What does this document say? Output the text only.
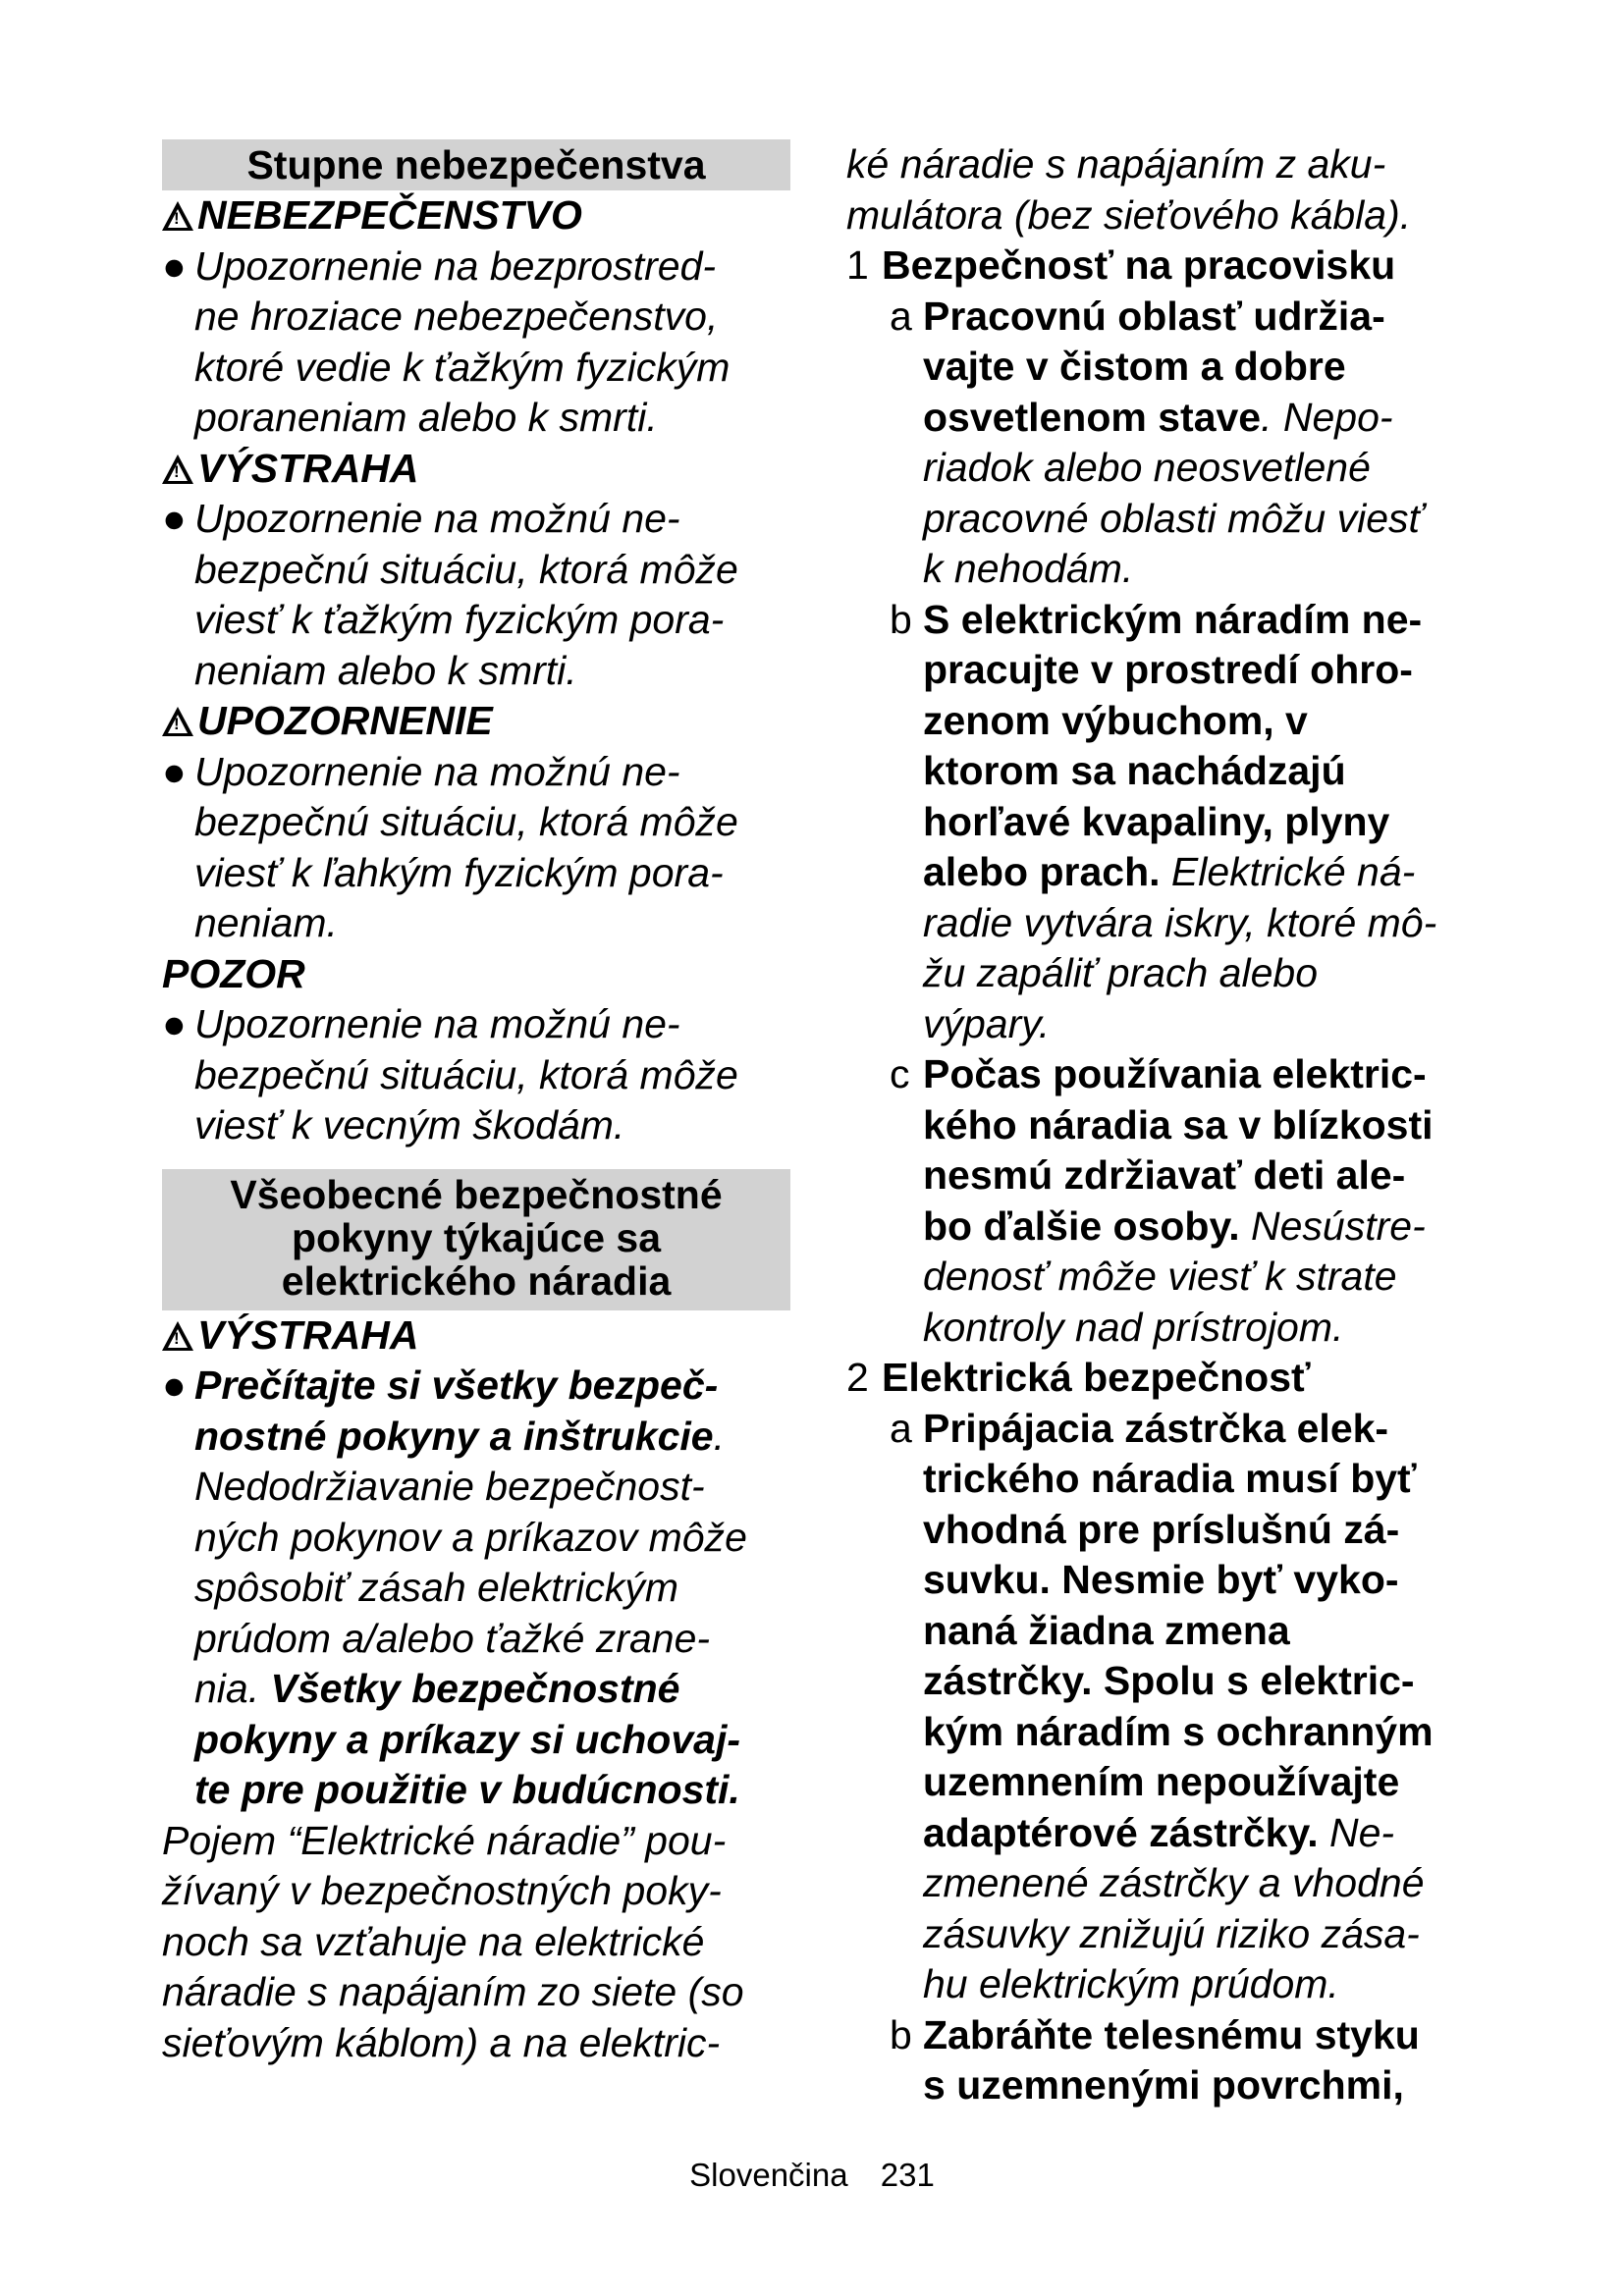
Stupne nebezpečenstva
!NEBEZPEČENSTVO
● Upozornenie na bezprostred-
ne hroziace nebezpečenstvo,
ktoré vedie k ťažkým fyzickým
poraneniam alebo k smrti.
!VÝSTRAHA
● Upozornenie na možnú ne-
bezpečnú situáciu, ktorá môže
viesť k ťažkým fyzickým pora-
neniam alebo k smrti.
!UPOZORNENIE
● Upozornenie na možnú ne-
bezpečnú situáciu, ktorá môže
viesť k ľahkým fyzickým pora-
neniam.
POZOR
● Upozornenie na možnú ne-
bezpečnú situáciu, ktorá môže
viesť k vecným škodám.
Všeobecné bezpečnostné
pokyny týkajúce sa
elektrického náradia
!VÝSTRAHA
● Prečítajte si všetky bezpeč-
nostné pokyny a inštrukcie.
Nedodržiavanie bezpečnost-
ných pokynov a príkazov môže
spôsobiť zásah elektrickým
prúdom a/alebo ťažké zrane-
nia. Všetky bezpečnostné
pokyny a príkazy si uchovaj-
te pre použitie v budúcnosti.
Pojem “Elektrické náradie” pou-
žívaný v bezpečnostných poky-
noch sa vzťahuje na elektrické
náradie s napájaním zo siete (so
sieťovým káblom) a na elektric-
ké náradie s napájaním z aku-
mulátora (bez sieťového kábla).
1 Bezpečnosť na pracovisku
a Pracovnú oblasť udržia-
vajte v čistom a dobre
osvetlenom stave. Nepo-
riadok alebo neosvetlené
pracovné oblasti môžu viesť
k nehodám.
b S elektrickým náradím ne-
pracujte v prostredí ohro-
zenom výbuchom, v
ktorom sa nachádzajú
horľavé kvapaliny, plyny
alebo prach. Elektrické ná-
radie vytvára iskry, ktoré mô-
žu zapáliť prach alebo
výpary.
c Počas používania elektric-
kého náradia sa v blízkosti
nesmú zdržiavať deti ale-
bo ďalšie osoby. Nesústre-
denosť môže viesť k strate
kontroly nad prístrojom.
2 Elektrická bezpečnosť
a Pripájacia zástrčka elek-
trického náradia musí byť
vhodná pre príslušnú zá-
suvku. Nesmie byť vyko-
naná žiadna zmena
zástrčky. Spolu s elektric-
kým náradím s ochranným
uzemnením nepoužívajte
adaptérové zástrčky. Ne-
zmenené zástrčky a vhodné
zásuvky znižujú riziko zása-
hu elektrickým prúdom.
b Zabráňte telesnému styku
s uzemnenými povrchmi,
Slovenčina 231
